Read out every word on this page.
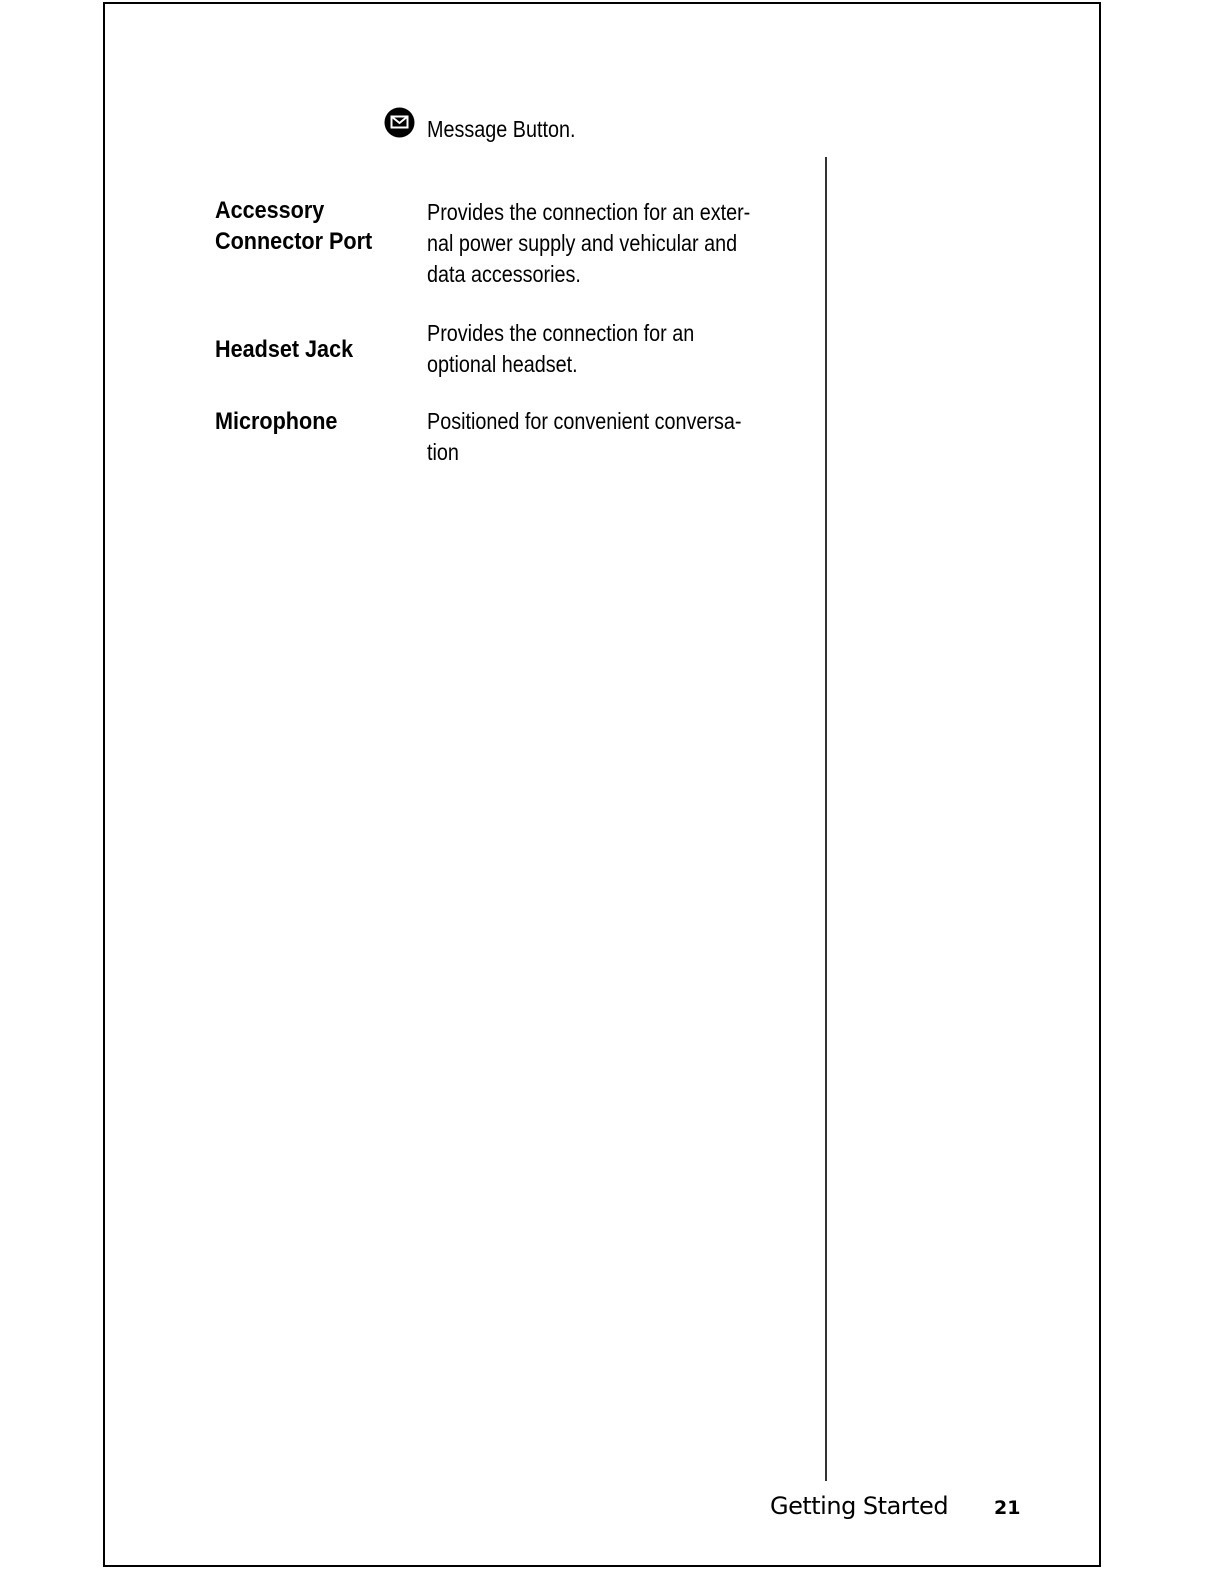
Message Button.
Accessory
Connector Port
Provides the connection for an exter-
nal power supply and vehicular and
data accessories.
Headset Jack
Provides the connection for an
optional headset.
Microphone	Positioned for convenient conversa-
tion
Getting Started 21
